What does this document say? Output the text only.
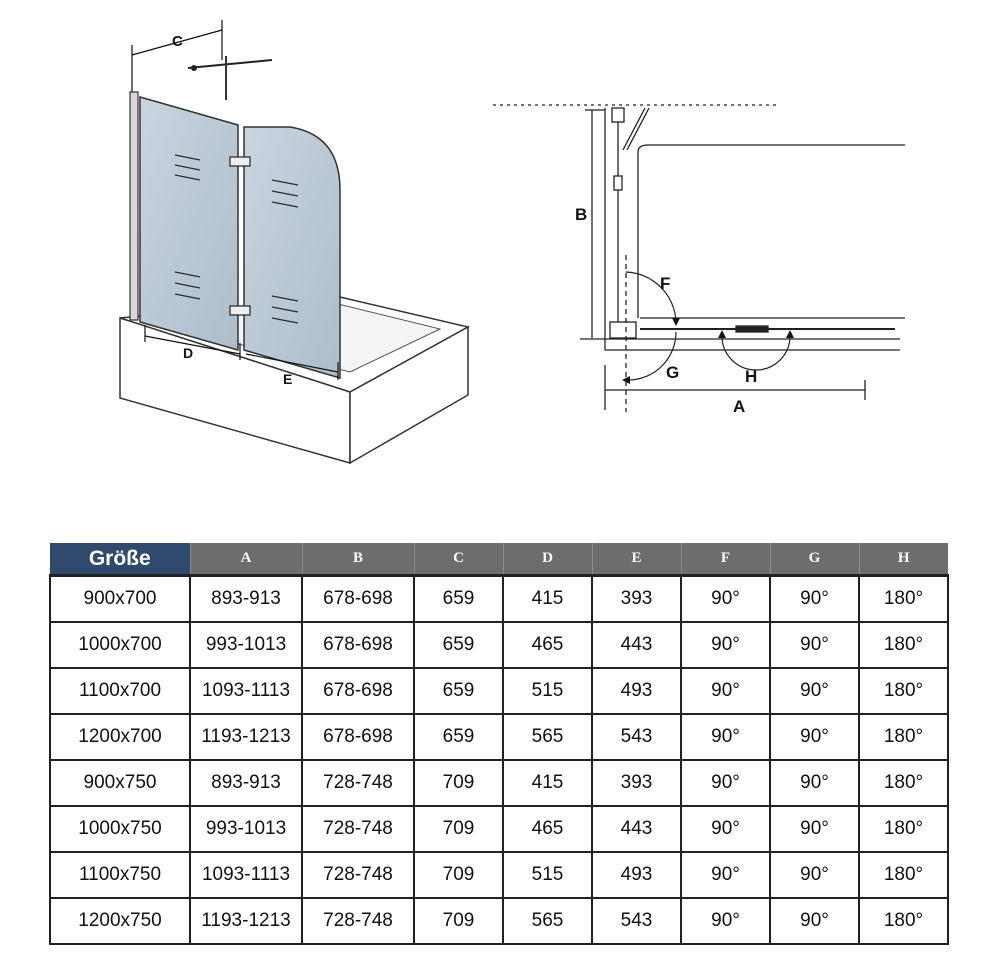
C
D
E
B
F
G	H
A
Größe	A	B	C	D	E	F	G	H
900x700	893-913	678-698	659	415	393	90°	90°	180°
1000x700	993-1013	678-698	659	465	443	90°	90°	180°
1100x700	1093-1113	678-698	659	515	493	90°	90°	180°
1200x700	1193-1213	678-698	659	565	543	90°	90°	180°
900x750	893-913	728-748	709	415	393	90°	90°	180°
1000x750	993-1013	728-748	709	465	443	90°	90°	180°
1100x750	1093-1113	728-748	709	515	493	90°	90°	180°
1200x750	1193-1213	728-748	709	565	543	90°	90°	180°
